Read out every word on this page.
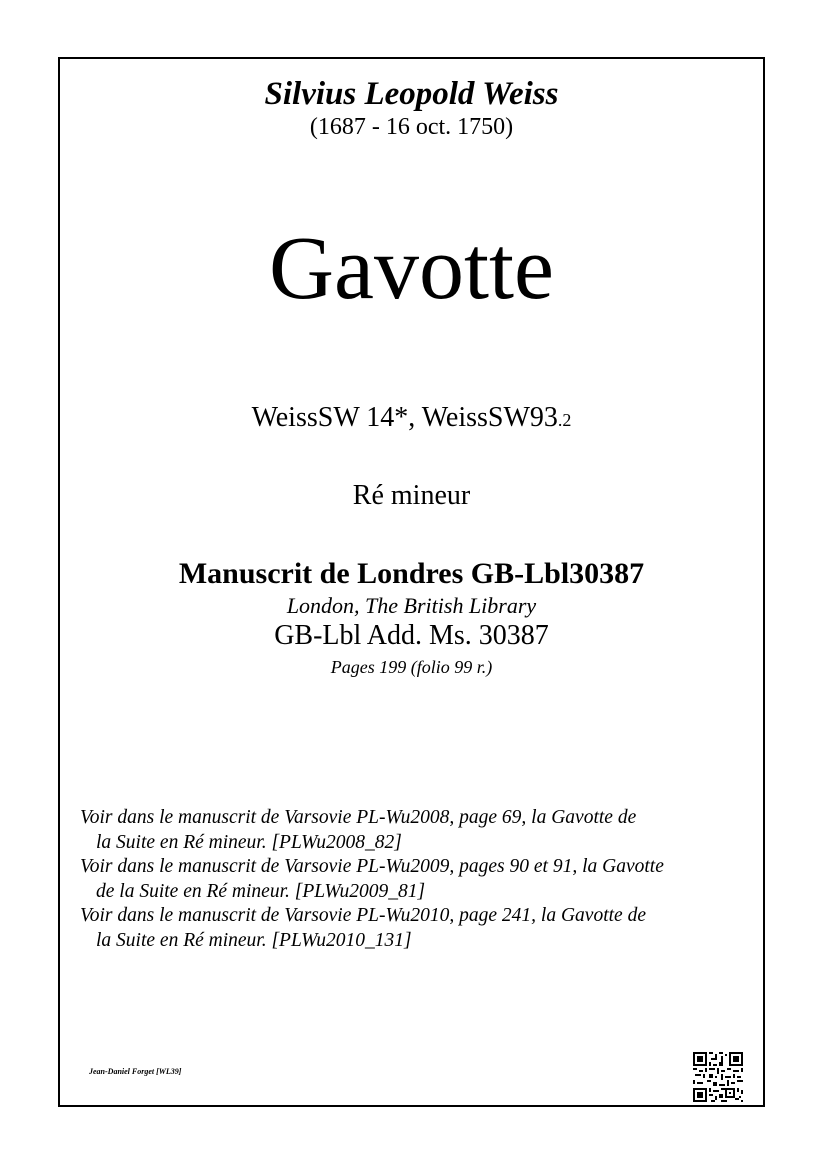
Silvius Leopold Weiss
(1687 - 16 oct. 1750)
Gavotte
WeissSW 14*, WeissSW93.2
Ré mineur
Manuscrit de Londres GB-Lbl30387
London, The British Library
GB-Lbl Add. Ms. 30387
Pages 199 (folio 99 r.)
Voir dans le manuscrit de Varsovie PL-Wu2008, page 69, la Gavotte de
la Suite en Ré mineur. [PLWu2008_82]
Voir dans le manuscrit de Varsovie PL-Wu2009, pages 90 et 91, la Gavotte
de la Suite en Ré mineur. [PLWu2009_81]
Voir dans le manuscrit de Varsovie PL-Wu2010, page 241, la Gavotte de
la Suite en Ré mineur. [PLWu2010_131]
Jean-Daniel Forget [WL39]
